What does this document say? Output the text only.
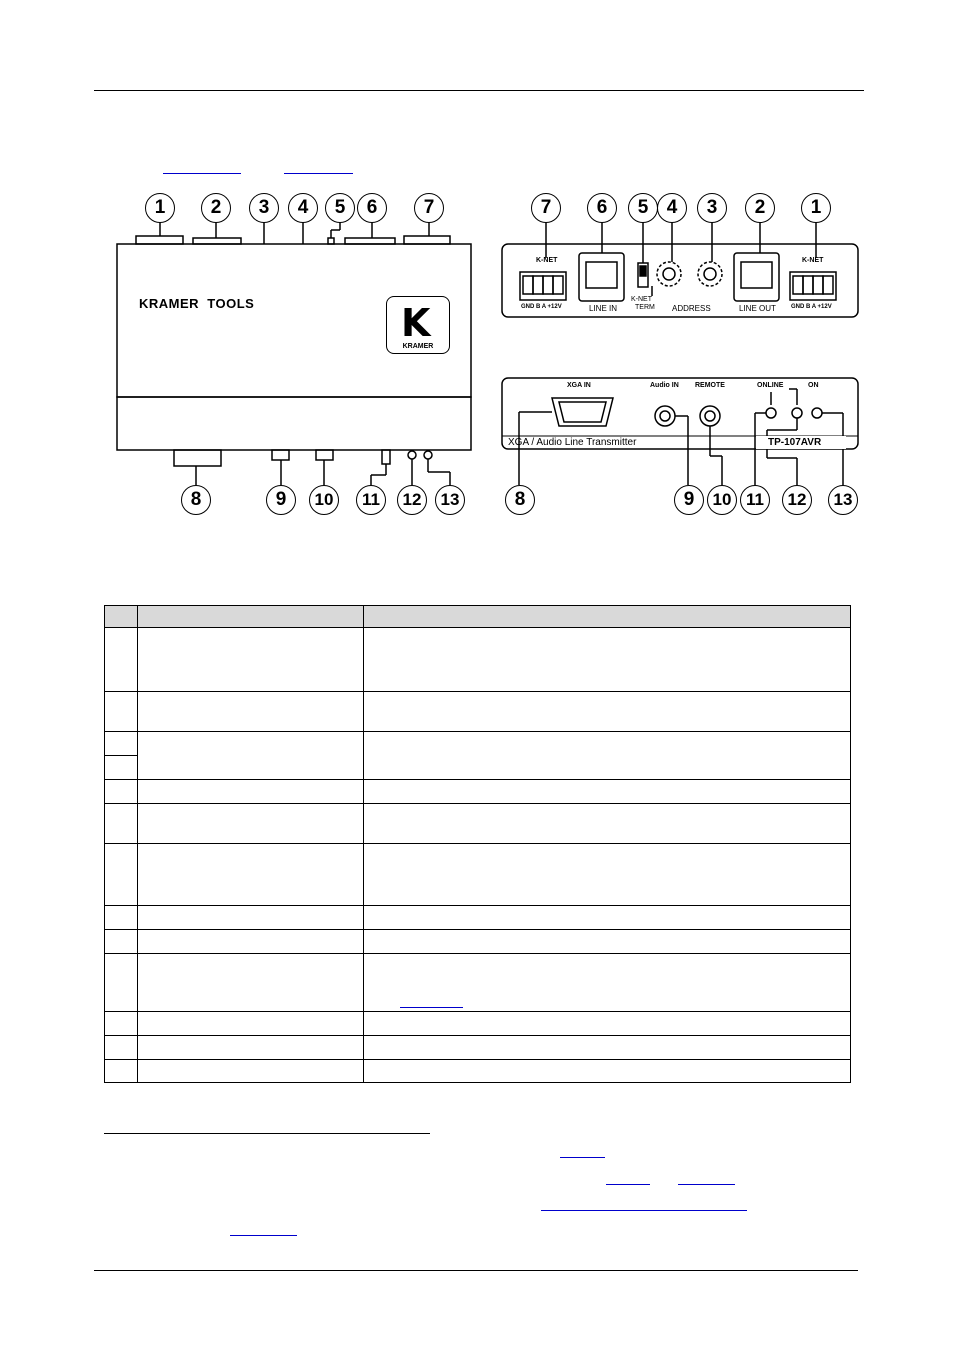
1	2	3	4	5	6	7
8	9	10	11	12	13
KRAMER TOOLS	K
KRAMER
7	6	5 4	3	2	1
K-NET
GND B A +12V	LINE IN
K-NET
TERM ADDRESS	LINE OUT
K-NET
GND B A +12V
XGA IN	Audio IN REMOTE	ONLINE	ON
XGA / Audio Line Transmitter	TP-107AVR
8	9	10 11	12	13
